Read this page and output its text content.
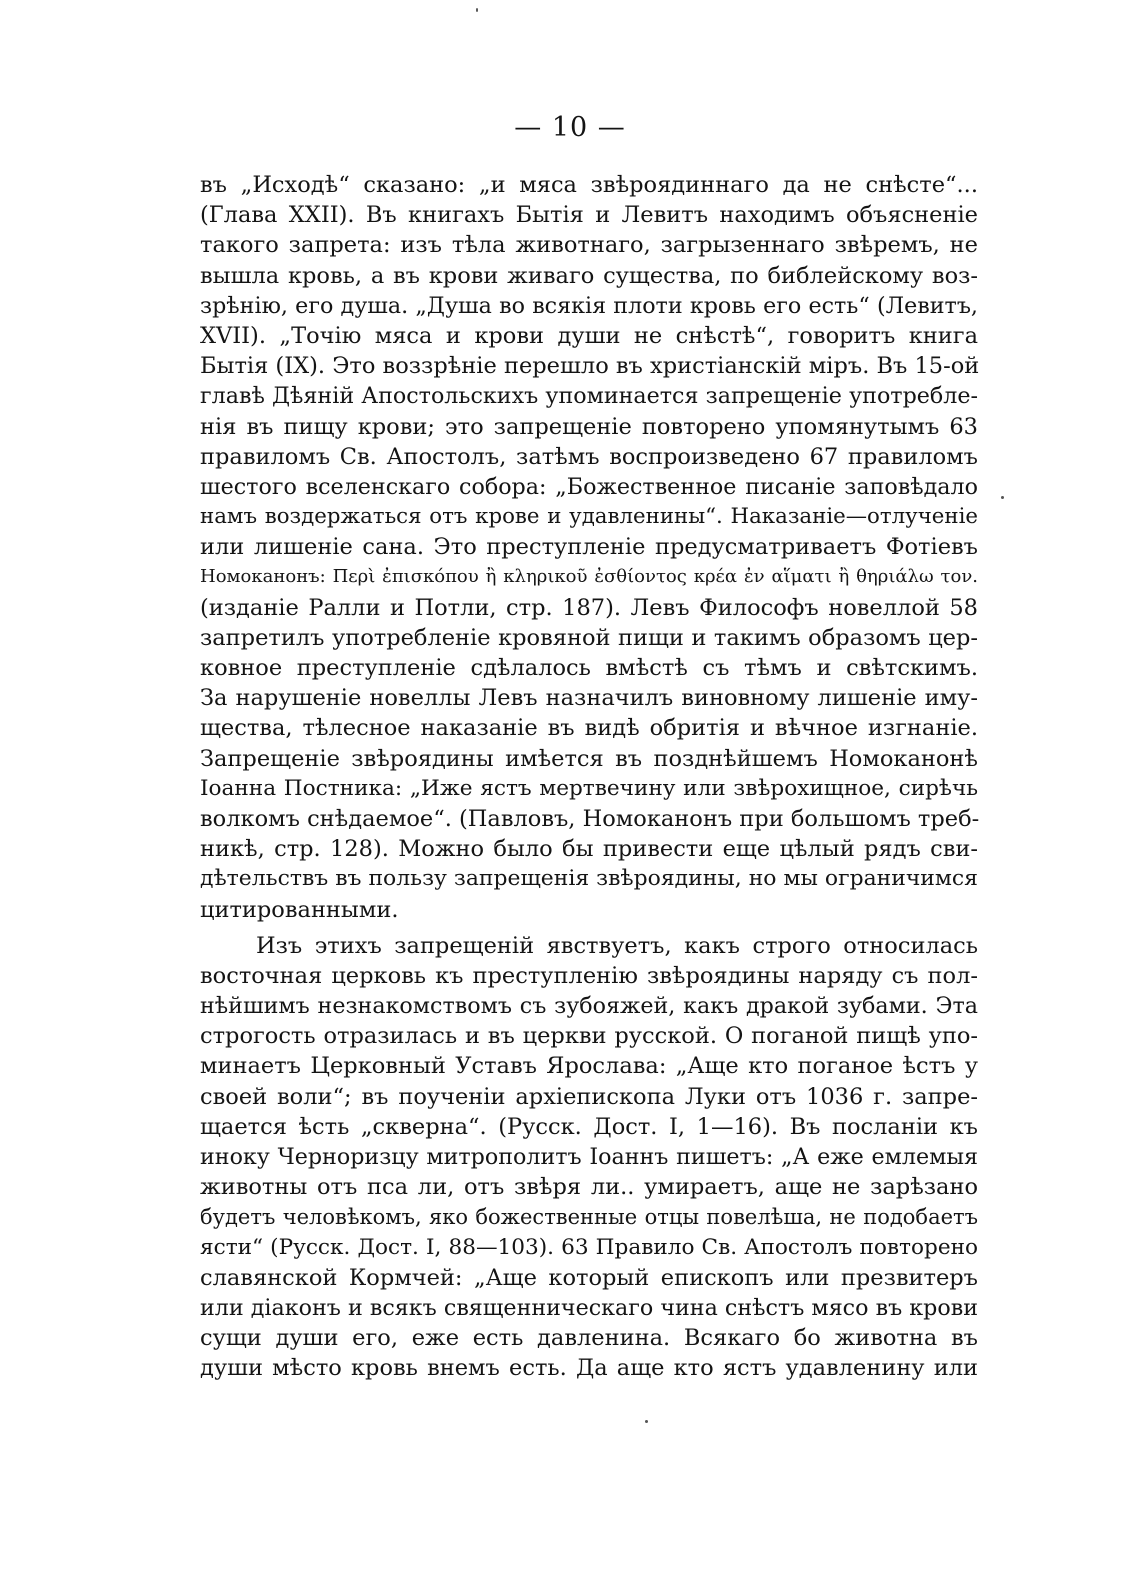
— 10 —
въ „Исходѣ“ сказано: „и мяса звѣроядиннаго да не снѣсте“...
(Глава XXII). Въ книгахъ Бытія и Левитъ находимъ объясненіе
такого запрета: изъ тѣла животнаго, загрызеннаго звѣремъ, не
вышла кровь, а въ крови живаго существа, по библейскому воз-
зрѣнію, его душа. „Душа во всякія плоти кровь его есть“ (Левитъ,
XVII). „Точію мяса и крови души не снѣстѣ“, говоритъ книга
Бытія (IX). Это воззрѣніе перешло въ христіанскій міръ. Въ 15-ой
главѣ Дѣяній Апостольскихъ упоминается запрещеніе употребле-
нія въ пищу крови; это запрещеніе повторено упомянутымъ 63
правиломъ Св. Апостолъ, затѣмъ воспроизведено 67 правиломъ
шестого вселенскаго собора: „Божественное писаніе заповѣдало
намъ воздержаться отъ крове и удавленины“. Наказаніе—отлученіе
или лишеніе сана. Это преступленіе предусматриваетъ Фотіевъ
Номоканонъ: Περὶ ἐπισκόπου ἢ κληρικοῦ ἐσθίοντος κρέα ἐν αἵματι ἢ θηριάλω τον.
(изданіе Ралли и Потли, стр. 187). Левъ Философъ новеллой 58
запретилъ употребленіе кровяной пищи и такимъ образомъ цер-
ковное преступленіе сдѣлалось вмѣстѣ съ тѣмъ и свѣтскимъ.
За нарушеніе новеллы Левъ назначилъ виновному лишеніе иму-
щества, тѣлесное наказаніе въ видѣ обритія и вѣчное изгнаніе.
Запрещеніе звѣроядины имѣется въ позднѣйшемъ Номоканонѣ
Іоанна Постника: „Иже ястъ мертвечину или звѣрохищное, сирѣчь
волкомъ снѣдаемое“. (Павловъ, Номоканонъ при большомъ треб-
никѣ, стр. 128). Можно было бы привести еще цѣлый рядъ сви-
дѣтельствъ въ пользу запрещенія звѣроядины, но мы ограничимся
цитированными.
Изъ этихъ запрещеній явствуетъ, какъ строго относилась
восточная церковь къ преступленію звѣроядины наряду съ пол-
нѣйшимъ незнакомствомъ съ зубояжей, какъ дракой зубами. Эта
строгость отразилась и въ церкви русской. О поганой пищѣ упо-
минаетъ Церковный Уставъ Ярослава: „Аще кто поганое ѣстъ у
своей воли“; въ поученіи архіепископа Луки отъ 1036 г. запре-
щается ѣсть „скверна“. (Русск. Дост. I, 1—16). Въ посланіи къ
иноку Черноризцу митрополитъ Іоаннъ пишетъ: „А еже емлемыя
животны отъ пса ли, отъ звѣря ли.. умираетъ, аще не зарѣзано
будетъ человѣкомъ, яко божественные отцы повелѣша, не подобаетъ
ясти“ (Русск. Дост. I, 88—103). 63 Правило Св. Апостолъ повторено
славянской Кормчей: „Аще который епископъ или презвитеръ
или діаконъ и всякъ священническаго чина снѣстъ мясо въ крови
сущи души его, еже есть давленина. Всякаго бо животна въ
души мѣсто кровь внемъ есть. Да аще кто ястъ удавленину или
